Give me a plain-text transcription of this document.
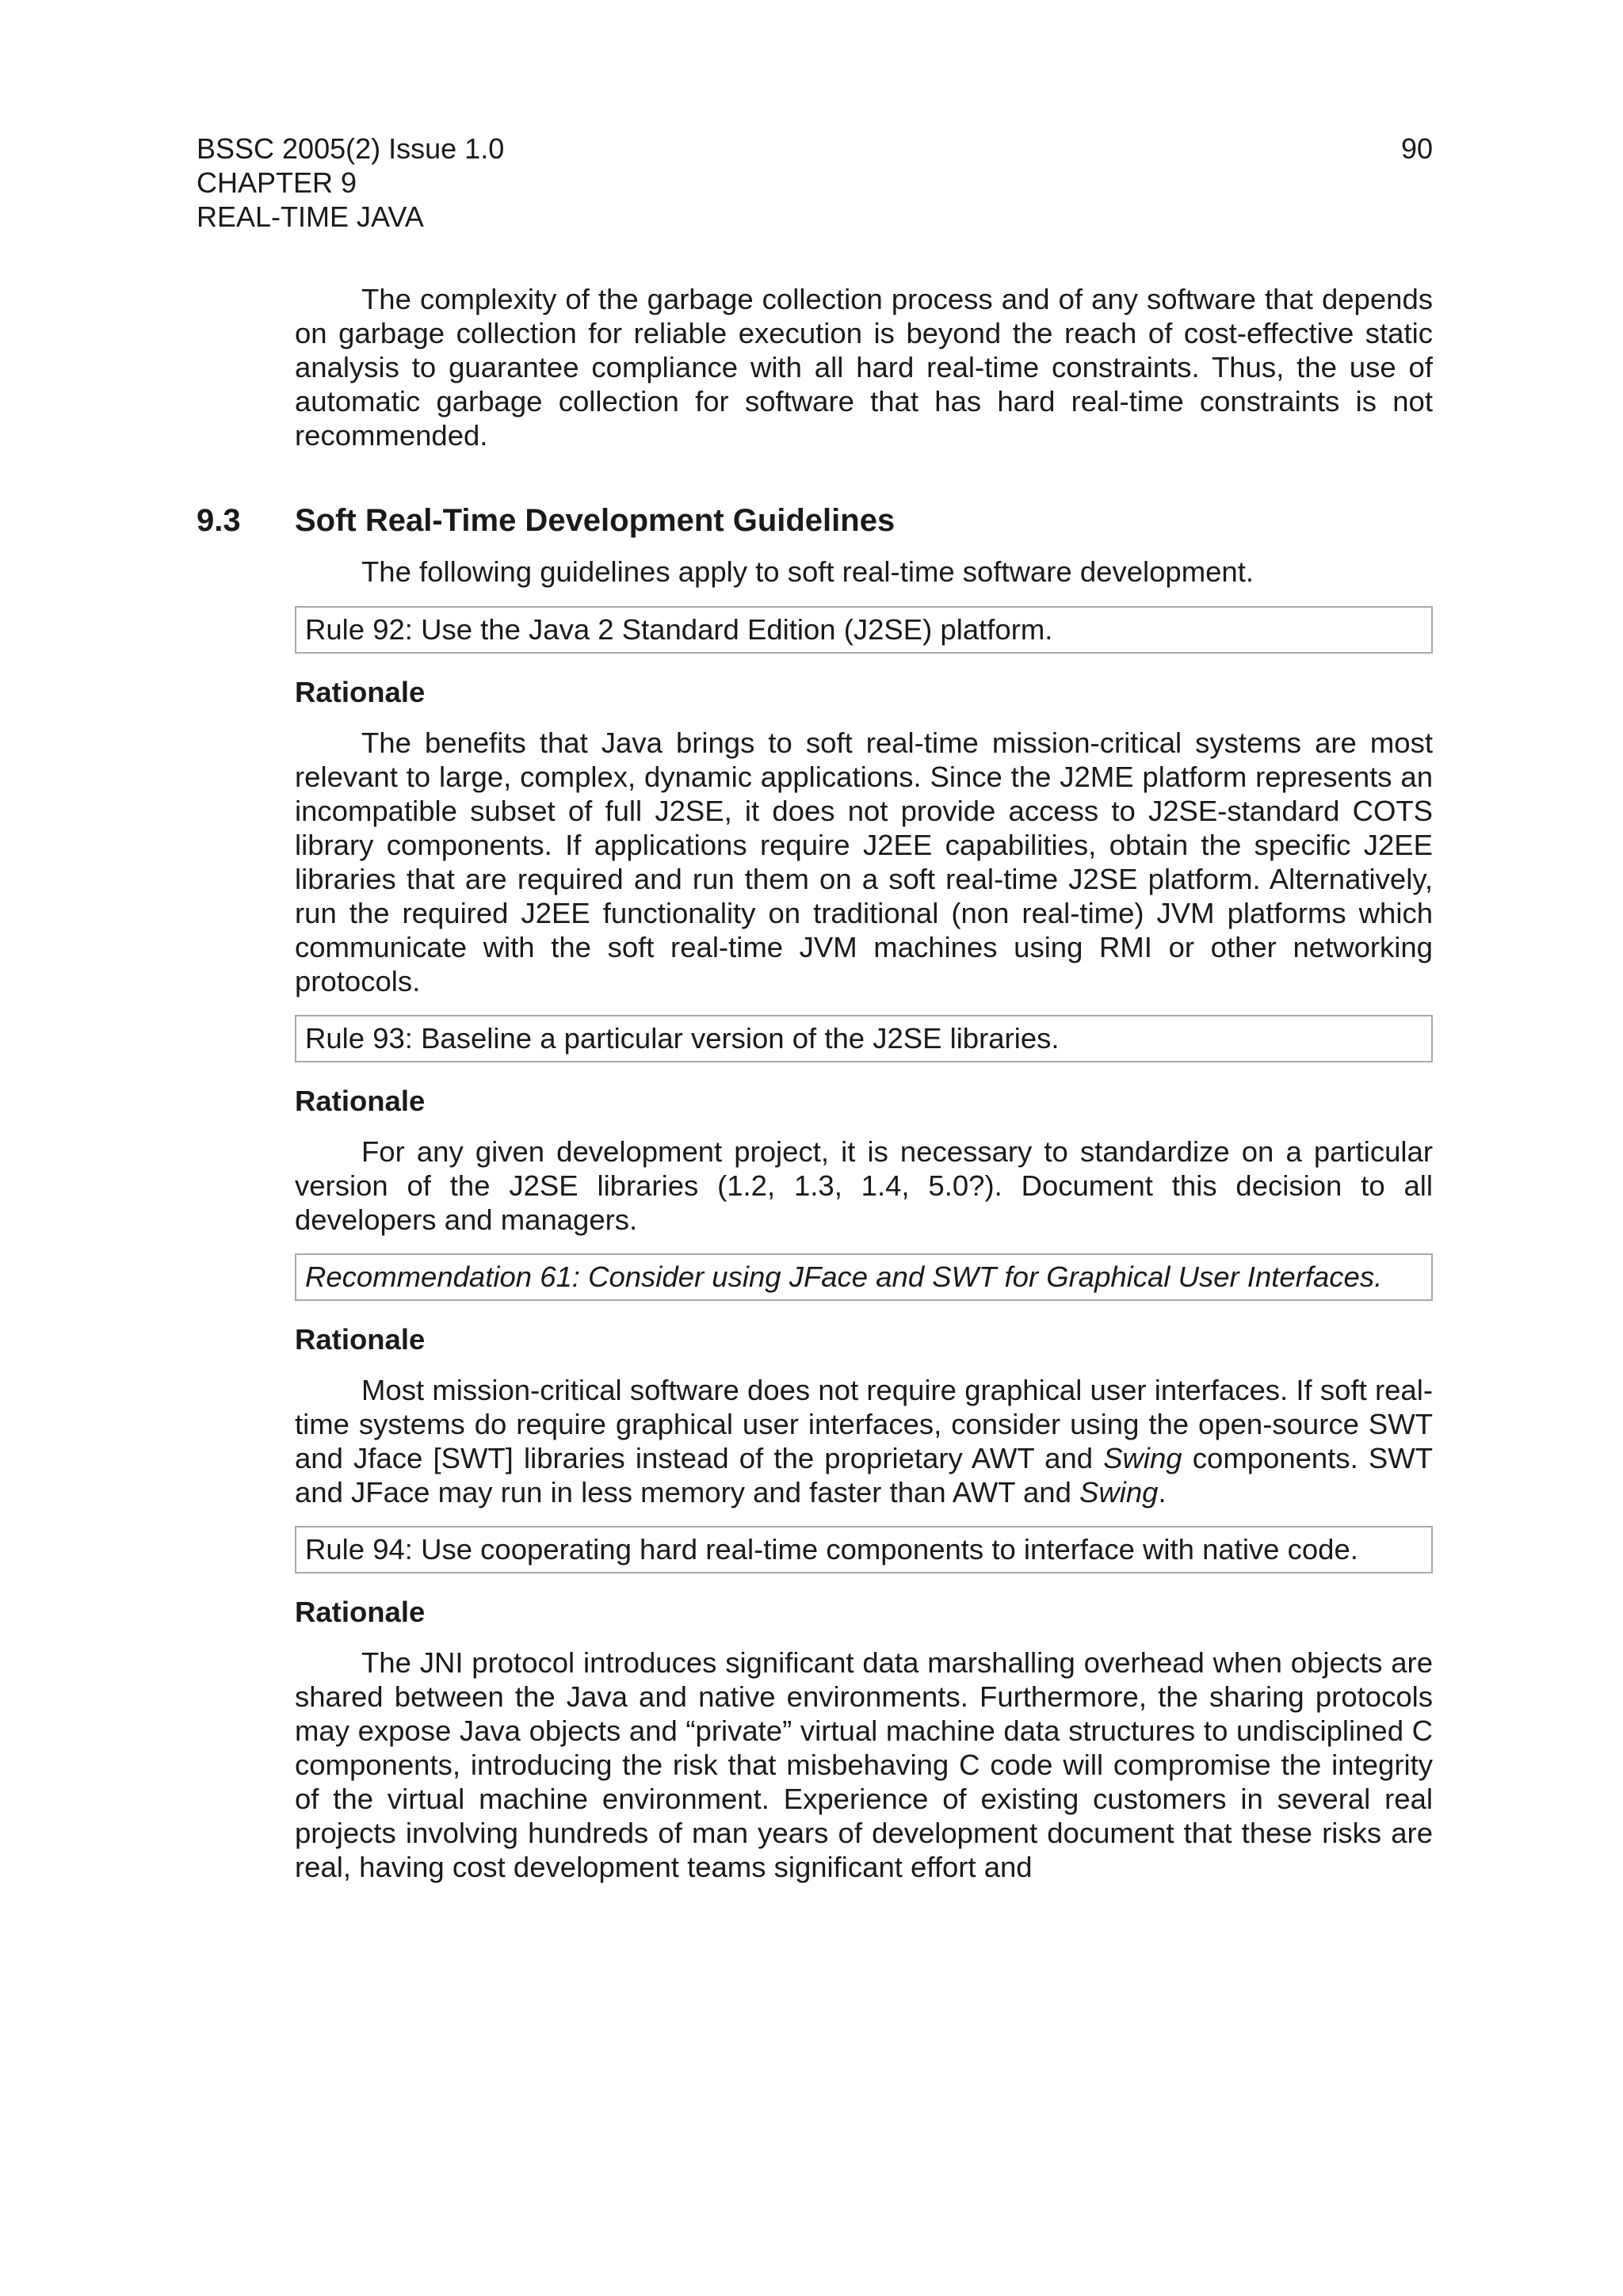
BSSC 2005(2) Issue 1.0
CHAPTER 9
REAL-TIME JAVA
90

The complexity of the garbage collection process and of any software that depends on garbage collection for reliable execution is beyond the reach of cost-effective static analysis to guarantee compliance with all hard real-time constraints. Thus, the use of automatic garbage collection for software that has hard real-time constraints is not recommended.

9.3 Soft Real-Time Development Guidelines

The following guidelines apply to soft real-time software development.

Rule 92: Use the Java 2 Standard Edition (J2SE) platform.
Rationale

The benefits that Java brings to soft real-time mission-critical systems are most relevant to large, complex, dynamic applications. Since the J2ME platform represents an incompatible subset of full J2SE, it does not provide access to J2SE-standard COTS library components. If applications require J2EE capabilities, obtain the specific J2EE libraries that are required and run them on a soft real-time J2SE platform. Alternatively, run the required J2EE functionality on traditional (non real-time) JVM platforms which communicate with the soft real-time JVM machines using RMI or other networking protocols.

Rule 93: Baseline a particular version of the J2SE libraries.
Rationale

For any given development project, it is necessary to standardize on a particular version of the J2SE libraries (1.2, 1.3, 1.4, 5.0?). Document this decision to all developers and managers.

Recommendation 61: Consider using JFace and SWT for Graphical User Interfaces.
Rationale

Most mission-critical software does not require graphical user interfaces. If soft real-time systems do require graphical user interfaces, consider using the open-source SWT and Jface [SWT] libraries instead of the proprietary AWT and Swing components. SWT and JFace may run in less memory and faster than AWT and Swing.

Rule 94: Use cooperating hard real-time components to interface with native code.
Rationale

The JNI protocol introduces significant data marshalling overhead when objects are shared between the Java and native environments. Furthermore, the sharing protocols may expose Java objects and “private” virtual machine data structures to undisciplined C components, introducing the risk that misbehaving C code will compromise the integrity of the virtual machine environment. Experience of existing customers in several real projects involving hundreds of man years of development document that these risks are real, having cost development teams significant effort and
